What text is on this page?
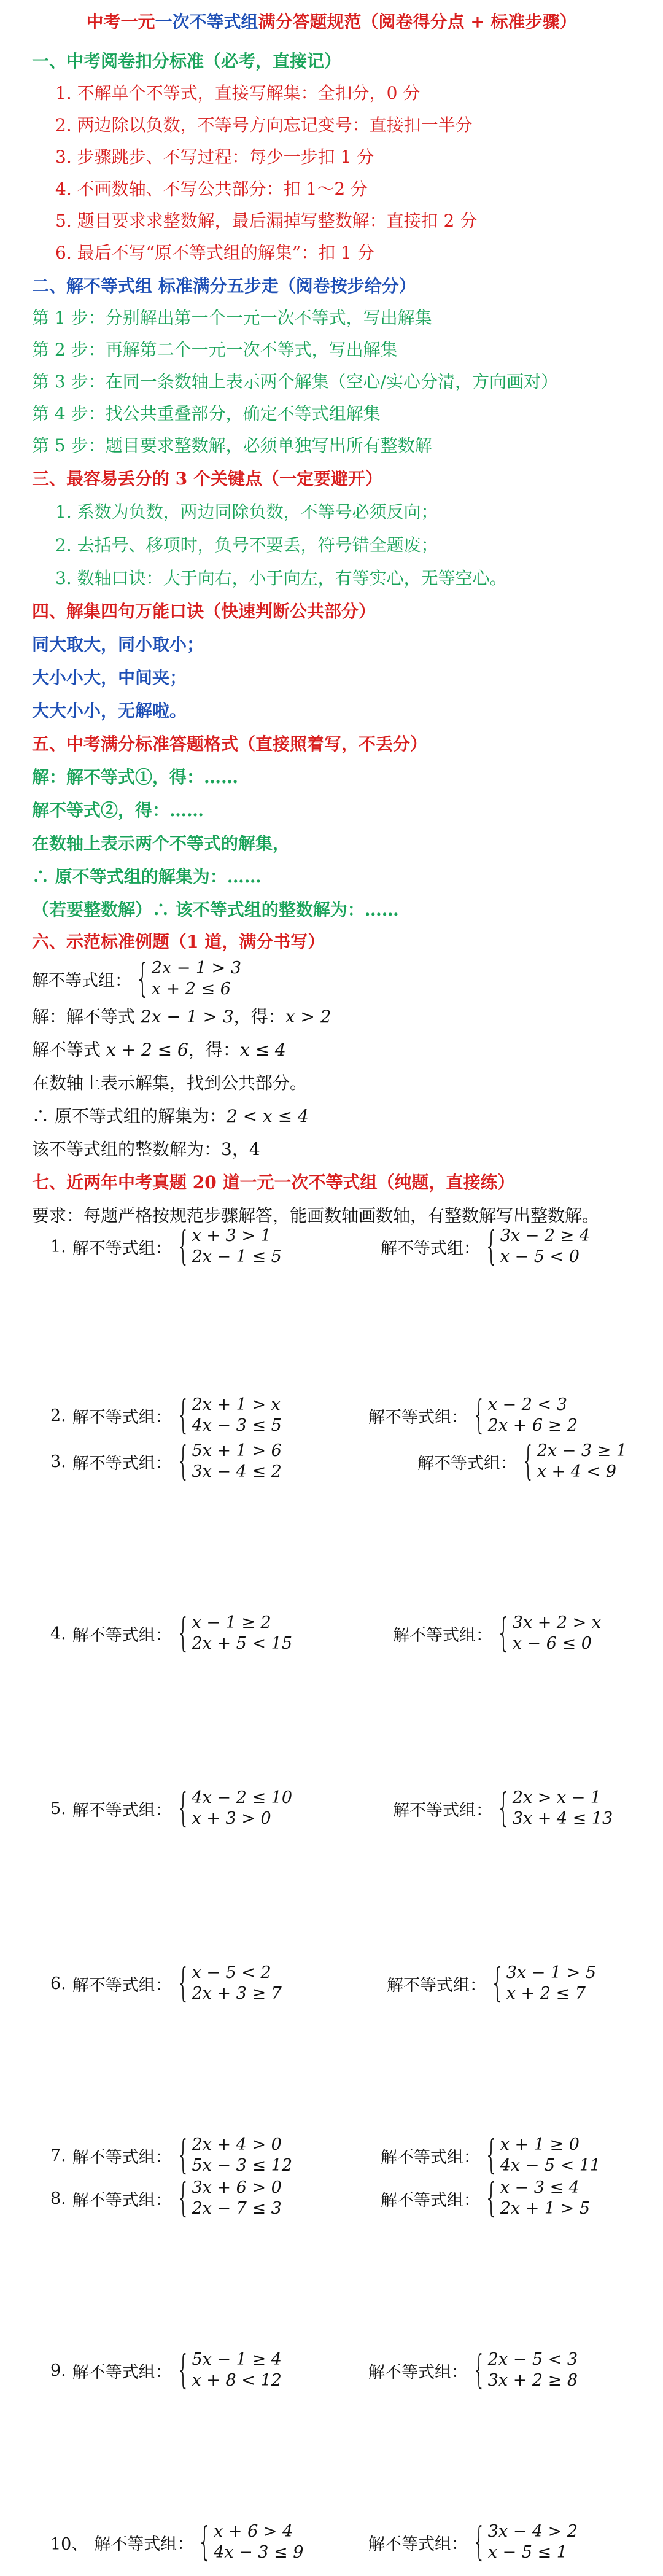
中考一元一次不等式组满分答题规范（阅卷得分点 + 标准步骤）
一、中考阅卷扣分标准（必考，直接记）
1. 不解单个不等式，直接写解集：全扣分，0 分
2. 两边除以负数，不等号方向忘记变号：直接扣一半分
3. 步骤跳步、不写过程：每少一步扣 1 分
4. 不画数轴、不写公共部分：扣 1～2 分
5. 题目要求求整数解，最后漏掉写整数解：直接扣 2 分
6. 最后不写“原不等式组的解集”：扣 1 分
二、解不等式组 标准满分五步走（阅卷按步给分）
第 1 步：分别解出第一个一元一次不等式，写出解集
第 2 步：再解第二个一元一次不等式，写出解集
第 3 步：在同一条数轴上表示两个解集（空心/实心分清，方向画对）
第 4 步：找公共重叠部分，确定不等式组解集
第 5 步：题目要求整数解，必须单独写出所有整数解
三、最容易丢分的 3 个关键点（一定要避开）
1. 系数为负数，两边同除负数，不等号必须反向；
2. 去括号、移项时，负号不要丢，符号错全题废；
3. 数轴口诀：大于向右，小于向左，有等实心，无等空心。
四、解集四句万能口诀（快速判断公共部分）
同大取大，同小取小；
大小小大，中间夹；
大大小小，无解啦。
五、中考满分标准答题格式（直接照着写，不丢分）
解：解不等式①，得：……
解不等式②，得：……
在数轴上表示两个不等式的解集，
∴ 原不等式组的解集为：……
（若要整数解）∴ 该不等式组的整数解为：……
六、示范标准例题（1 道，满分书写）
解不等式组： { 2x − 1 > 3
x + 2 ≤ 6
解：解不等式 2x − 1 > 3，得：x > 2
解不等式 x + 2 ≤ 6，得：x ≤ 4
在数轴上表示解集，找到公共部分。
∴ 原不等式组的解集为：2 < x ≤ 4
该不等式组的整数解为：3，4
七、近两年中考真题 20 道一元一次不等式组（纯题，直接练）
要求：每题严格按规范步骤解答，能画数轴画数轴，有整数解写出整数解。
1. 解不等式组： { x + 3 > 1
2x − 1 ≤ 5	解不等式组： { 3x − 2 ≥ 4
x − 5 < 0
2. 解不等式组： { 2x + 1 > x
4x − 3 ≤ 5	解不等式组： { x − 2 < 3
2x + 6 ≥ 2
3. 解不等式组： { 5x + 1 > 6
3x − 4 ≤ 2	解不等式组： { 2x − 3 ≥ 1
x + 4 < 9
4. 解不等式组： { x − 1 ≥ 2
2x + 5 < 15	解不等式组： { 3x + 2 > x
x − 6 ≤ 0
5. 解不等式组： { 4x − 2 ≤ 10
x + 3 > 0	解不等式组： { 2x > x − 1
3x + 4 ≤ 13
6. 解不等式组： { x − 5 < 2
2x + 3 ≥ 7	解不等式组： { 3x − 1 > 5
x + 2 ≤ 7
7. 解不等式组： { 2x + 4 > 0
5x − 3 ≤ 12	解不等式组： { x + 1 ≥ 0
4x − 5 < 11
8. 解不等式组： { 3x + 6 > 0
2x − 7 ≤ 3	解不等式组： { x − 3 ≤ 4
2x + 1 > 5
9. 解不等式组： { 5x − 1 ≥ 4
x + 8 < 12	解不等式组： { 2x − 5 < 3
3x + 2 ≥ 8
10、 解不等式组： { x + 6 > 4
4x − 3 ≤ 9	解不等式组： { 3x − 4 > 2
x − 5 ≤ 1
